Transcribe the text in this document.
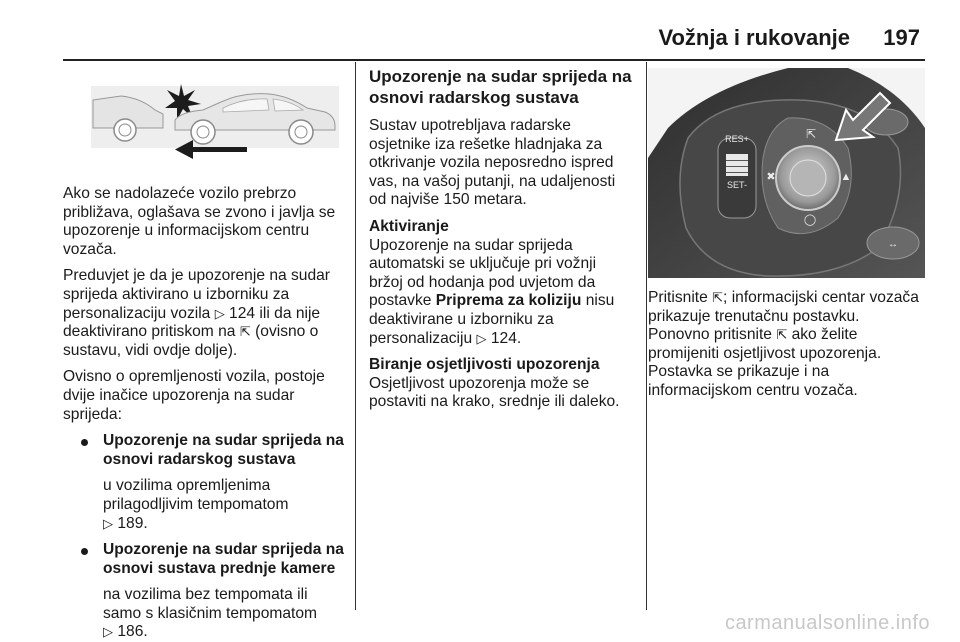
Vožnja i rukovanje	197

Ako se nadolazeće vozilo prebrzo približava, oglašava se zvono i javlja se upozorenje u informacijskom centru vozača.

Preduvjet je da je upozorenje na sudar sprijeda aktivirano u izborniku za personalizaciju vozila ▷ 124 ili da nije deaktivirano pritiskom na ⇱ (ovisno o sustavu, vidi ovdje dolje).

Ovisno o opremljenosti vozila, postoje dvije inačice upozorenja na sudar sprijeda:

Upozorenje na sudar sprijeda na osnovi radarskog sustava
u vozilima opremljenima prilagodljivim tempomatom
▷ 189.
Upozorenje na sudar sprijeda na osnovi sustava prednje kamere
na vozilima bez tempomata ili samo s klasičnim tempomatom
▷ 186.
Upozorenje na sudar sprijeda na osnovi radarskog sustava

Sustav upotrebljava radarske osjetnike iza rešetke hladnjaka za otkrivanje vozila neposredno ispred vas, na vašoj putanji, na udaljenosti od najviše 150 metara.

Aktiviranje

Upozorenje na sudar sprijeda automatski se uključuje pri vožnji bržoj od hodanja pod uvjetom da postavke Priprema za koliziju nisu deaktivirane u izborniku za personalizaciju ▷ 124.

Biranje osjetljivosti upozorenja

Osjetljivost upozorenja može se postaviti na krako, srednje ili daleko.

RES+
SET-
⇱
✖	▲
◯
↔

Pritisnite ⇱; informacijski centar vozača prikazuje trenutačnu postavku. Ponovno pritisnite ⇱ ako želite promijeniti osjetljivost upozorenja. Postavka se prikazuje i na informacijskom centru vozača.

carmanualsonline.info
